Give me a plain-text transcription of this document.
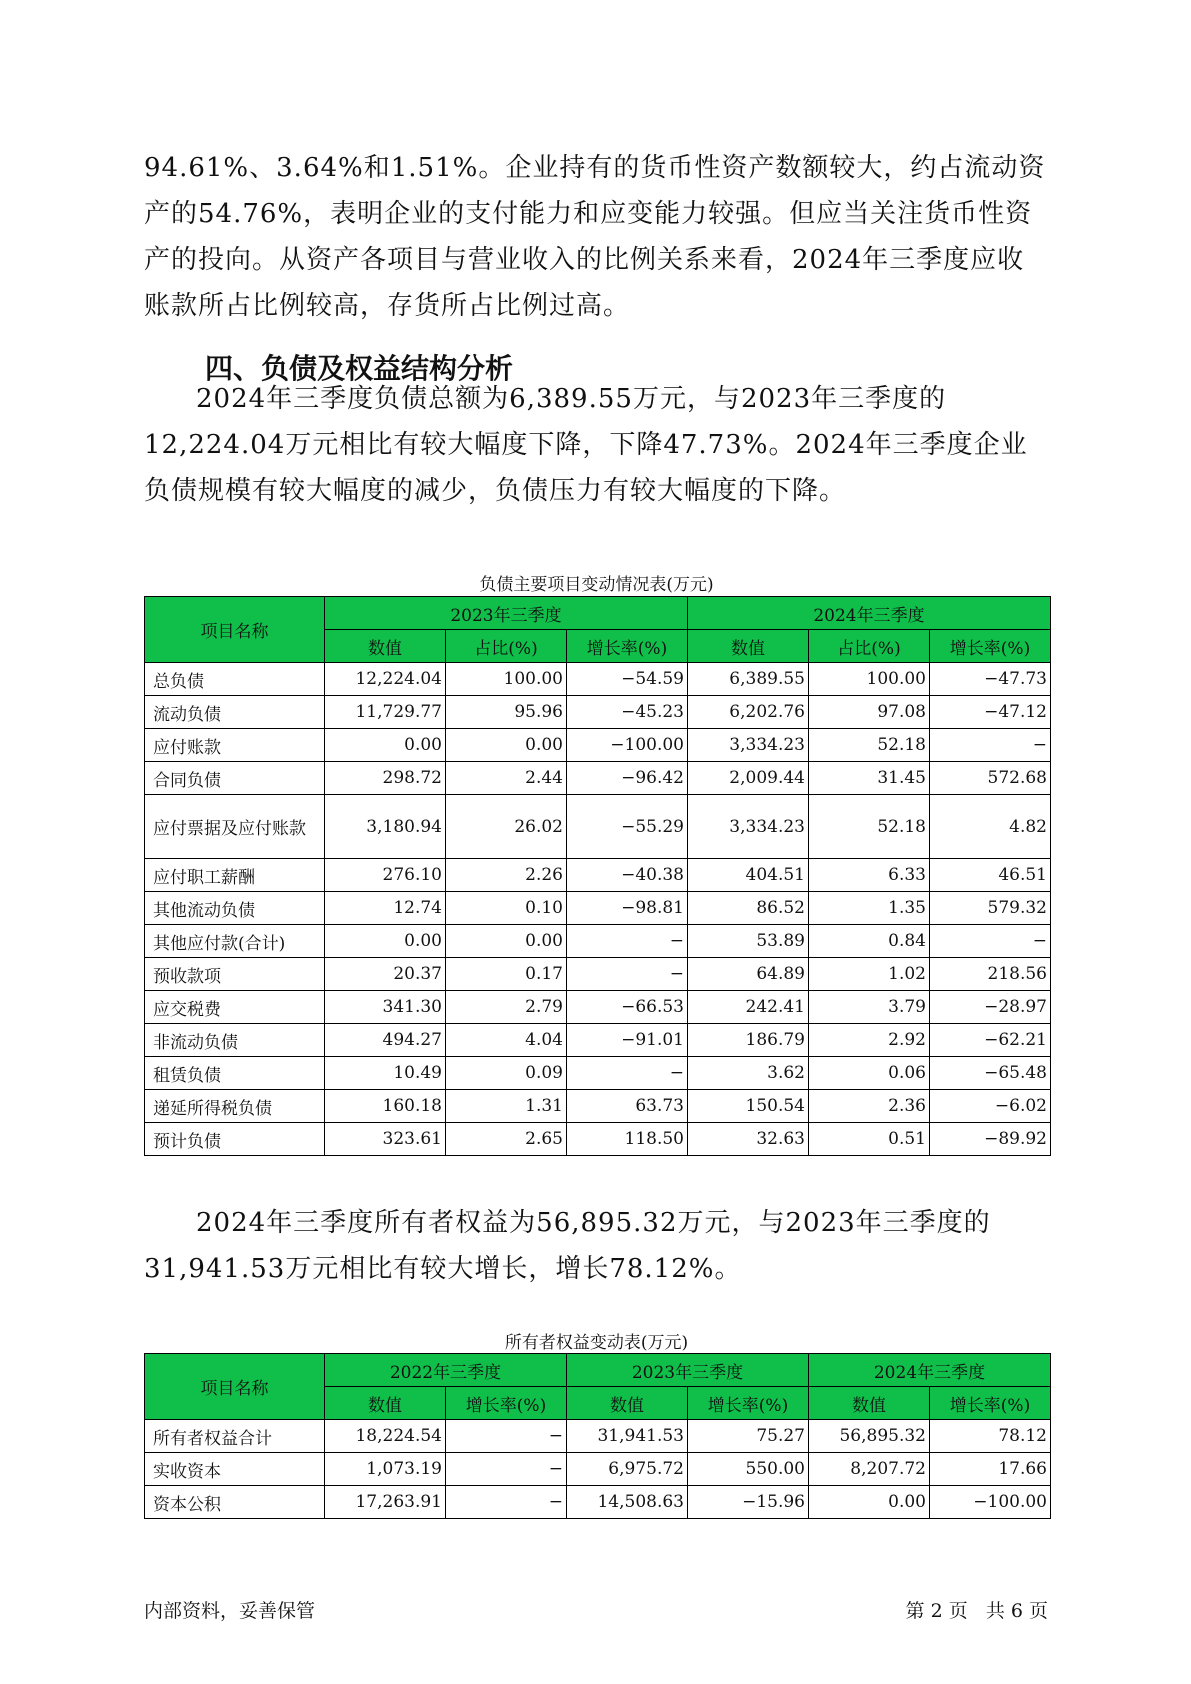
94.61%、3.64%和1.51%。企业持有的货币性资产数额较大，约占流动资产的54.76%，表明企业的支付能力和应变能力较强。但应当关注货币性资产的投向。从资产各项目与营业收入的比例关系来看，2024年三季度应收账款所占比例较高，存货所占比例过高。
四、负债及权益结构分析
2024年三季度负债总额为6,389.55万元，与2023年三季度的12,224.04万元相比有较大幅度下降，下降47.73%。2024年三季度企业负债规模有较大幅度的减少，负债压力有较大幅度的下降。
负债主要项目变动情况表(万元)
项目名称	2023年三季度			2024年三季度		
	数值	占比(%)	增长率(%)	数值	占比(%)	增长率(%)
总负债	12,224.04	100.00	−54.59	6,389.55	100.00	−47.73
流动负债	11,729.77	95.96	−45.23	6,202.76	97.08	−47.12
应付账款	0.00	0.00	−100.00	3,334.23	52.18	−
合同负债	298.72	2.44	−96.42	2,009.44	31.45	572.68
应付票据及应付账款	3,180.94	26.02	−55.29	3,334.23	52.18	4.82
应付职工薪酬	276.10	2.26	−40.38	404.51	6.33	46.51
其他流动负债	12.74	0.10	−98.81	86.52	1.35	579.32
其他应付款(合计)	0.00	0.00	−	53.89	0.84	−
预收款项	20.37	0.17	−	64.89	1.02	218.56
应交税费	341.30	2.79	−66.53	242.41	3.79	−28.97
非流动负债	494.27	4.04	−91.01	186.79	2.92	−62.21
租赁负债	10.49	0.09	−	3.62	0.06	−65.48
递延所得税负债	160.18	1.31	63.73	150.54	2.36	−6.02
预计负债	323.61	2.65	118.50	32.63	0.51	−89.92
2024年三季度所有者权益为56,895.32万元，与2023年三季度的31,941.53万元相比有较大增长，增长78.12%。
所有者权益变动表(万元)
项目名称	2022年三季度		2023年三季度		2024年三季度	
	数值	增长率(%)	数值	增长率(%)	数值	增长率(%)
所有者权益合计	18,224.54	−	31,941.53	75.27	56,895.32	78.12
实收资本	1,073.19	−	6,975.72	550.00	8,207.72	17.66
资本公积	17,263.91	−	14,508.63	−15.96	0.00	−100.00
内部资料，妥善保管	第 2 页   共 6 页
